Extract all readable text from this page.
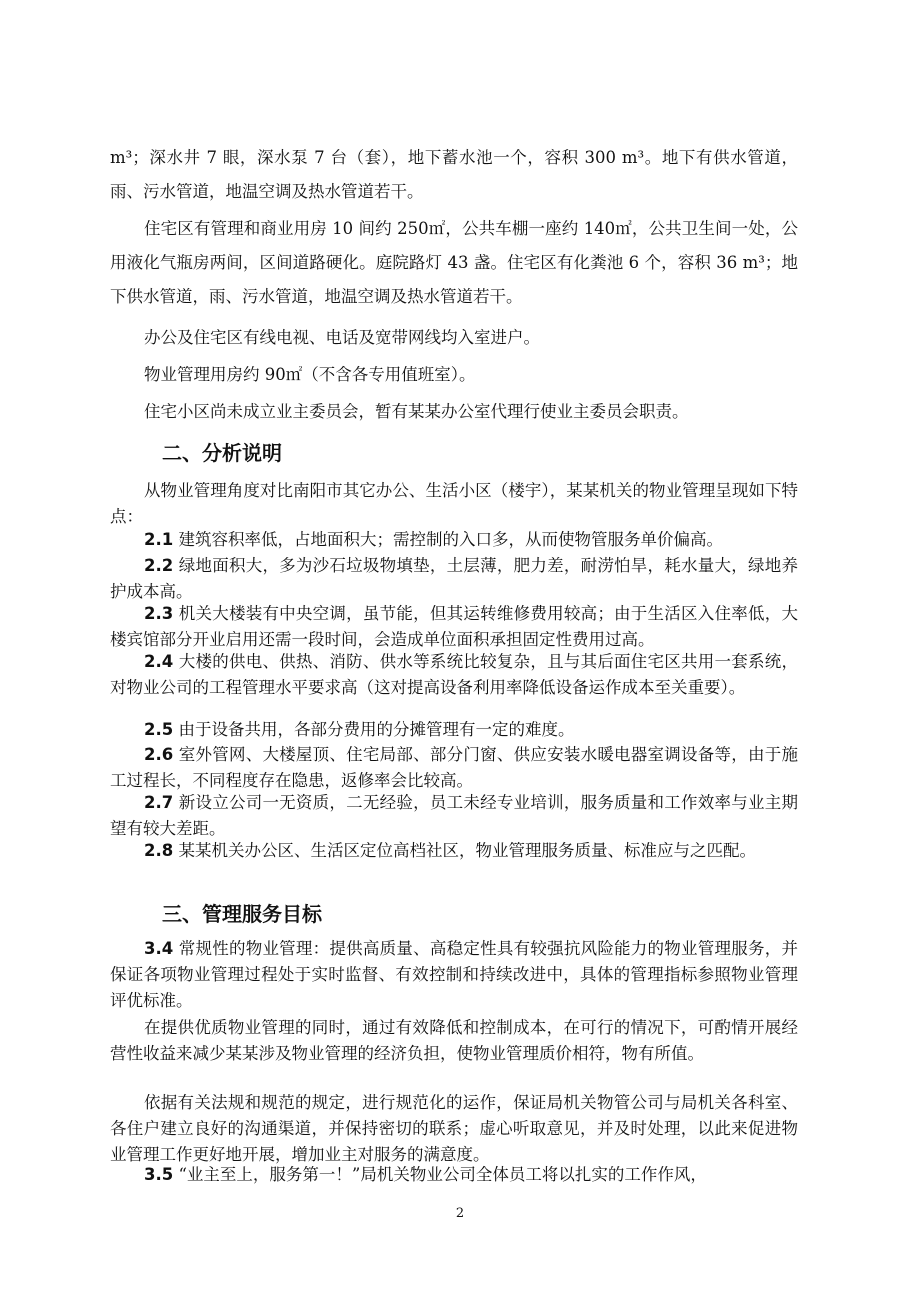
m³；深水井 7 眼，深水泵 7 台（套），地下蓄水池一个，容积 300 m³。地下有供水管道，雨、污水管道，地温空调及热水管道若干。
住宅区有管理和商业用房 10 间约 250㎡，公共车棚一座约 140㎡，公共卫生间一处，公用液化气瓶房两间，区间道路硬化。庭院路灯 43 盏。住宅区有化粪池 6 个，容积 36 m³；地下供水管道，雨、污水管道，地温空调及热水管道若干。
办公及住宅区有线电视、电话及宽带网线均入室进户。
物业管理用房约 90㎡（不含各专用值班室）。
住宅小区尚未成立业主委员会，暂有某某办公室代理行使业主委员会职责。
二、分析说明
从物业管理角度对比南阳市其它办公、生活小区（楼宇），某某机关的物业管理呈现如下特点：
2.1 建筑容积率低，占地面积大；需控制的入口多，从而使物管服务单价偏高。
2.2 绿地面积大，多为沙石垃圾物填垫，土层薄，肥力差，耐涝怕旱，耗水量大，绿地养护成本高。
2.3 机关大楼装有中央空调，虽节能，但其运转维修费用较高；由于生活区入住率低，大楼宾馆部分开业启用还需一段时间，会造成单位面积承担固定性费用过高。
2.4 大楼的供电、供热、消防、供水等系统比较复杂，且与其后面住宅区共用一套系统，对物业公司的工程管理水平要求高（这对提高设备利用率降低设备运作成本至关重要）。
2.5 由于设备共用，各部分费用的分摊管理有一定的难度。
2.6 室外管网、大楼屋顶、住宅局部、部分门窗、供应安装水暖电器室调设备等，由于施工过程长，不同程度存在隐患，返修率会比较高。
2.7 新设立公司一无资质，二无经验，员工未经专业培训，服务质量和工作效率与业主期望有较大差距。
2.8 某某机关办公区、生活区定位高档社区，物业管理服务质量、标准应与之匹配。
三、管理服务目标
3.4 常规性的物业管理：提供高质量、高稳定性具有较强抗风险能力的物业管理服务，并保证各项物业管理过程处于实时监督、有效控制和持续改进中，具体的管理指标参照物业管理评优标准。
在提供优质物业管理的同时，通过有效降低和控制成本，在可行的情况下，可酌情开展经营性收益来减少某某涉及物业管理的经济负担，使物业管理质价相符，物有所值。
依据有关法规和规范的规定，进行规范化的运作，保证局机关物管公司与局机关各科室、各住户建立良好的沟通渠道，并保持密切的联系；虚心听取意见，并及时处理，以此来促进物业管理工作更好地开展，增加业主对服务的满意度。
3.5 “业主至上，服务第一！”局机关物业公司全体员工将以扎实的工作作风，
2
